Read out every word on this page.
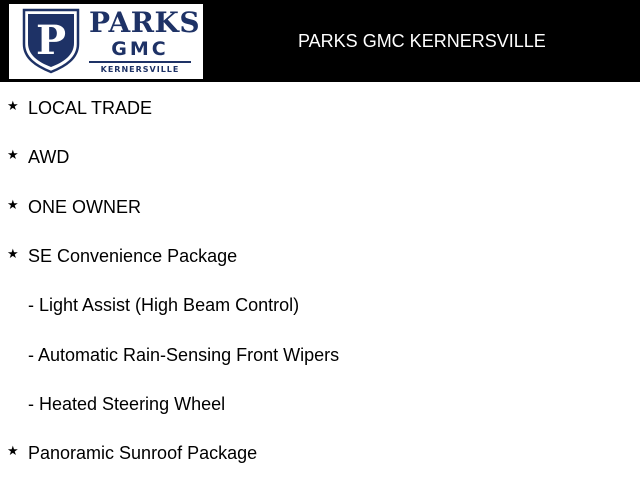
P PARKS
GMC
KERNERSVILLE
PARKS GMC KERNERSVILLE
★ LOCAL TRADE
★ AWD
★ ONE OWNER
★ SE Convenience Package
- Light Assist (High Beam Control)
- Automatic Rain-Sensing Front Wipers
- Heated Steering Wheel
★ Panoramic Sunroof Package
